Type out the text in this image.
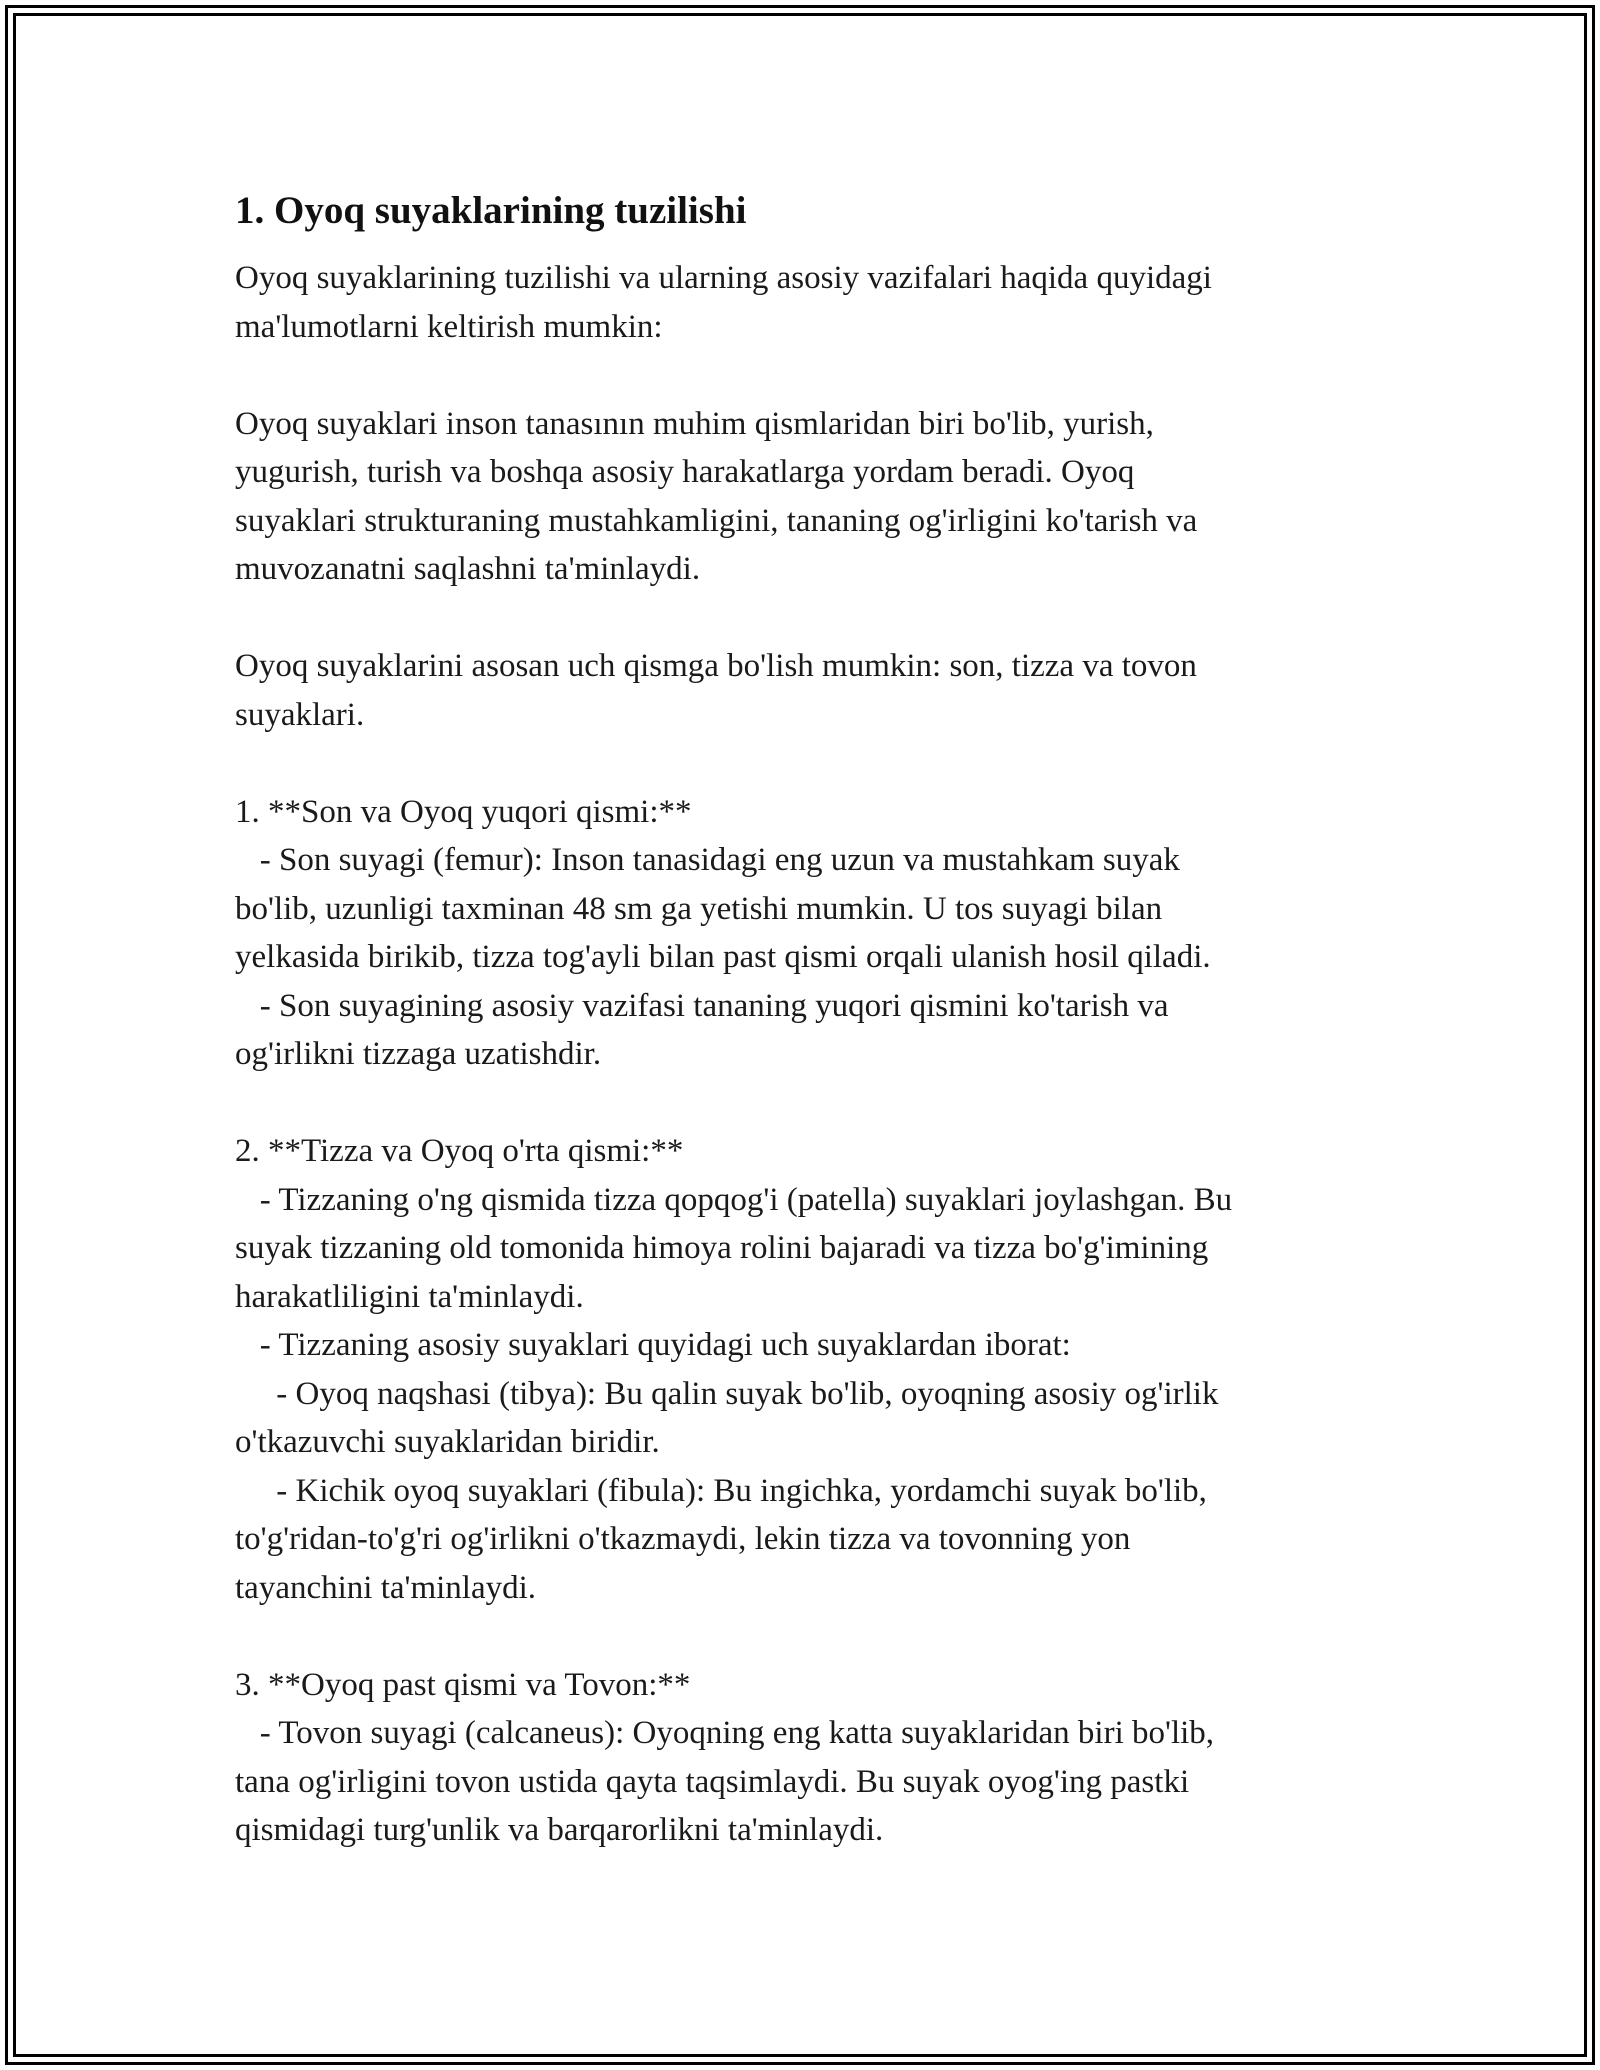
1. Oyoq suyaklarining tuzilishi

Oyoq suyaklarining tuzilishi va ularning asosiy vazifalari haqida quyidagi
ma'lumotlarni keltirish mumkin:

Oyoq suyaklari inson tanasının muhim qismlaridan biri bo'lib, yurish,
yugurish, turish va boshqa asosiy harakatlarga yordam beradi. Oyoq
suyaklari strukturaning mustahkamligini, tananing og'irligini ko'tarish va
muvozanatni saqlashni ta'minlaydi.

Oyoq suyaklarini asosan uch qismga bo'lish mumkin: son, tizza va tovon
suyaklari.

1. **Son va Oyoq yuqori qismi:**
- Son suyagi (femur): Inson tanasidagi eng uzun va mustahkam suyak
bo'lib, uzunligi taxminan 48 sm ga yetishi mumkin. U tos suyagi bilan
yelkasida birikib, tizza tog'ayli bilan past qismi orqali ulanish hosil qiladi.
- Son suyagining asosiy vazifasi tananing yuqori qismini ko'tarish va
og'irlikni tizzaga uzatishdir.

2. **Tizza va Oyoq o'rta qismi:**
- Tizzaning o'ng qismida tizza qopqog'i (patella) suyaklari joylashgan. Bu
suyak tizzaning old tomonida himoya rolini bajaradi va tizza bo'g'imining
harakatliligini ta'minlaydi.
- Tizzaning asosiy suyaklari quyidagi uch suyaklardan iborat:
- Oyoq naqshasi (tibya): Bu qalin suyak bo'lib, oyoqning asosiy og'irlik
o'tkazuvchi suyaklaridan biridir.
- Kichik oyoq suyaklari (fibula): Bu ingichka, yordamchi suyak bo'lib,
to'g'ridan-to'g'ri og'irlikni o'tkazmaydi, lekin tizza va tovonning yon
tayanchini ta'minlaydi.

3. **Oyoq past qismi va Tovon:**
- Tovon suyagi (calcaneus): Oyoqning eng katta suyaklaridan biri bo'lib,
tana og'irligini tovon ustida qayta taqsimlaydi. Bu suyak oyog'ing pastki
qismidagi turg'unlik va barqarorlikni ta'minlaydi.
